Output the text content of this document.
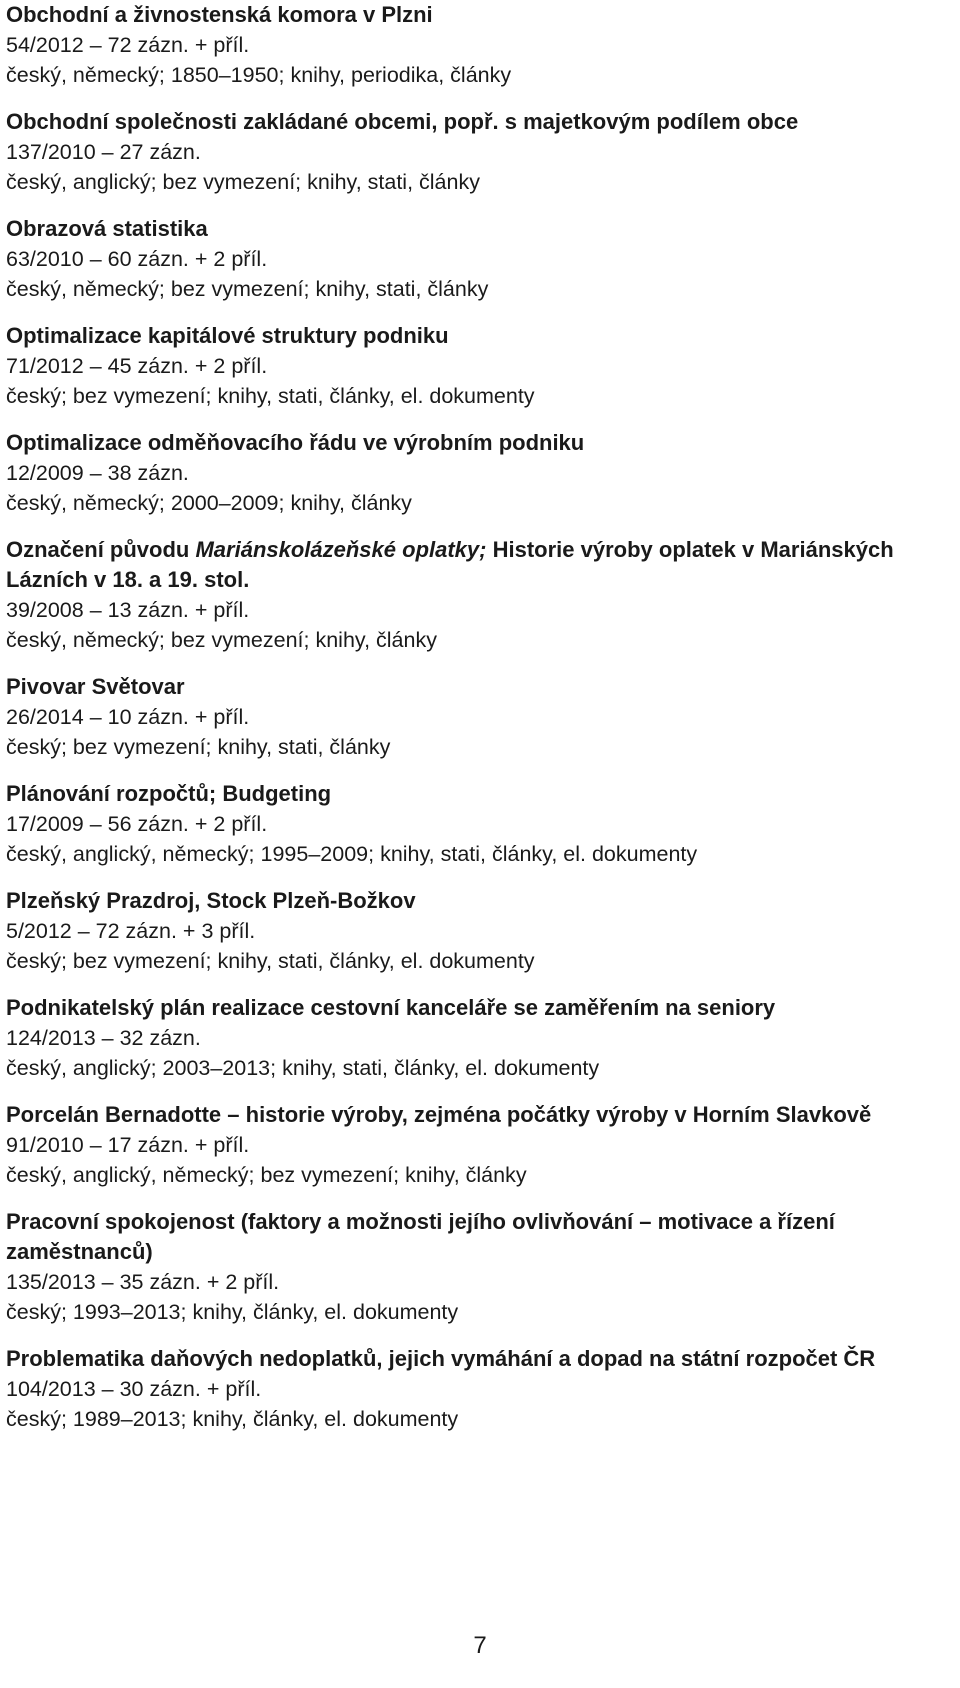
Obchodní a živnostenská komora v Plzni

54/2012 – 72 zázn. + příl.

český, německý; 1850–1950; knihy, periodika, články

Obchodní společnosti zakládané obcemi, popř. s majetkovým podílem obce

137/2010 – 27 zázn.

český, anglický; bez vymezení; knihy, stati, články

Obrazová statistika

63/2010 – 60 zázn. + 2 příl.

český, německý; bez vymezení; knihy, stati, články

Optimalizace kapitálové struktury podniku

71/2012 – 45 zázn. + 2 příl.

český; bez vymezení; knihy, stati, články, el. dokumenty

Optimalizace odměňovacího řádu ve výrobním podniku

12/2009 – 38 zázn.

český, německý; 2000–2009; knihy, články

Označení původu Mariánskolázeňské oplatky; Historie výroby oplatek v Mariánských Lázních v 18. a 19. stol.

39/2008 – 13 zázn. + příl.

český, německý; bez vymezení; knihy, články

Pivovar Světovar

26/2014 – 10 zázn. + příl.

český; bez vymezení; knihy, stati, články

Plánování rozpočtů; Budgeting

17/2009 – 56 zázn. + 2 příl.

český, anglický, německý; 1995–2009; knihy, stati, články, el. dokumenty

Plzeňský Prazdroj, Stock Plzeň-Božkov

5/2012 – 72 zázn. + 3 příl.

český; bez vymezení; knihy, stati, články, el. dokumenty

Podnikatelský plán realizace cestovní kanceláře se zaměřením na seniory

124/2013 – 32 zázn.

český, anglický; 2003–2013; knihy, stati, články, el. dokumenty

Porcelán Bernadotte – historie výroby, zejména počátky výroby v Horním Slavkově

91/2010 – 17 zázn. + příl.

český, anglický, německý; bez vymezení; knihy, články

Pracovní spokojenost (faktory a možnosti jejího ovlivňování – motivace a řízení zaměstnanců)

135/2013 – 35 zázn. + 2 příl.

český; 1993–2013; knihy, články, el. dokumenty

Problematika daňových nedoplatků, jejich vymáhání a dopad na státní rozpočet ČR

104/2013 – 30 zázn. + příl.

český; 1989–2013; knihy, články, el. dokumenty

7
